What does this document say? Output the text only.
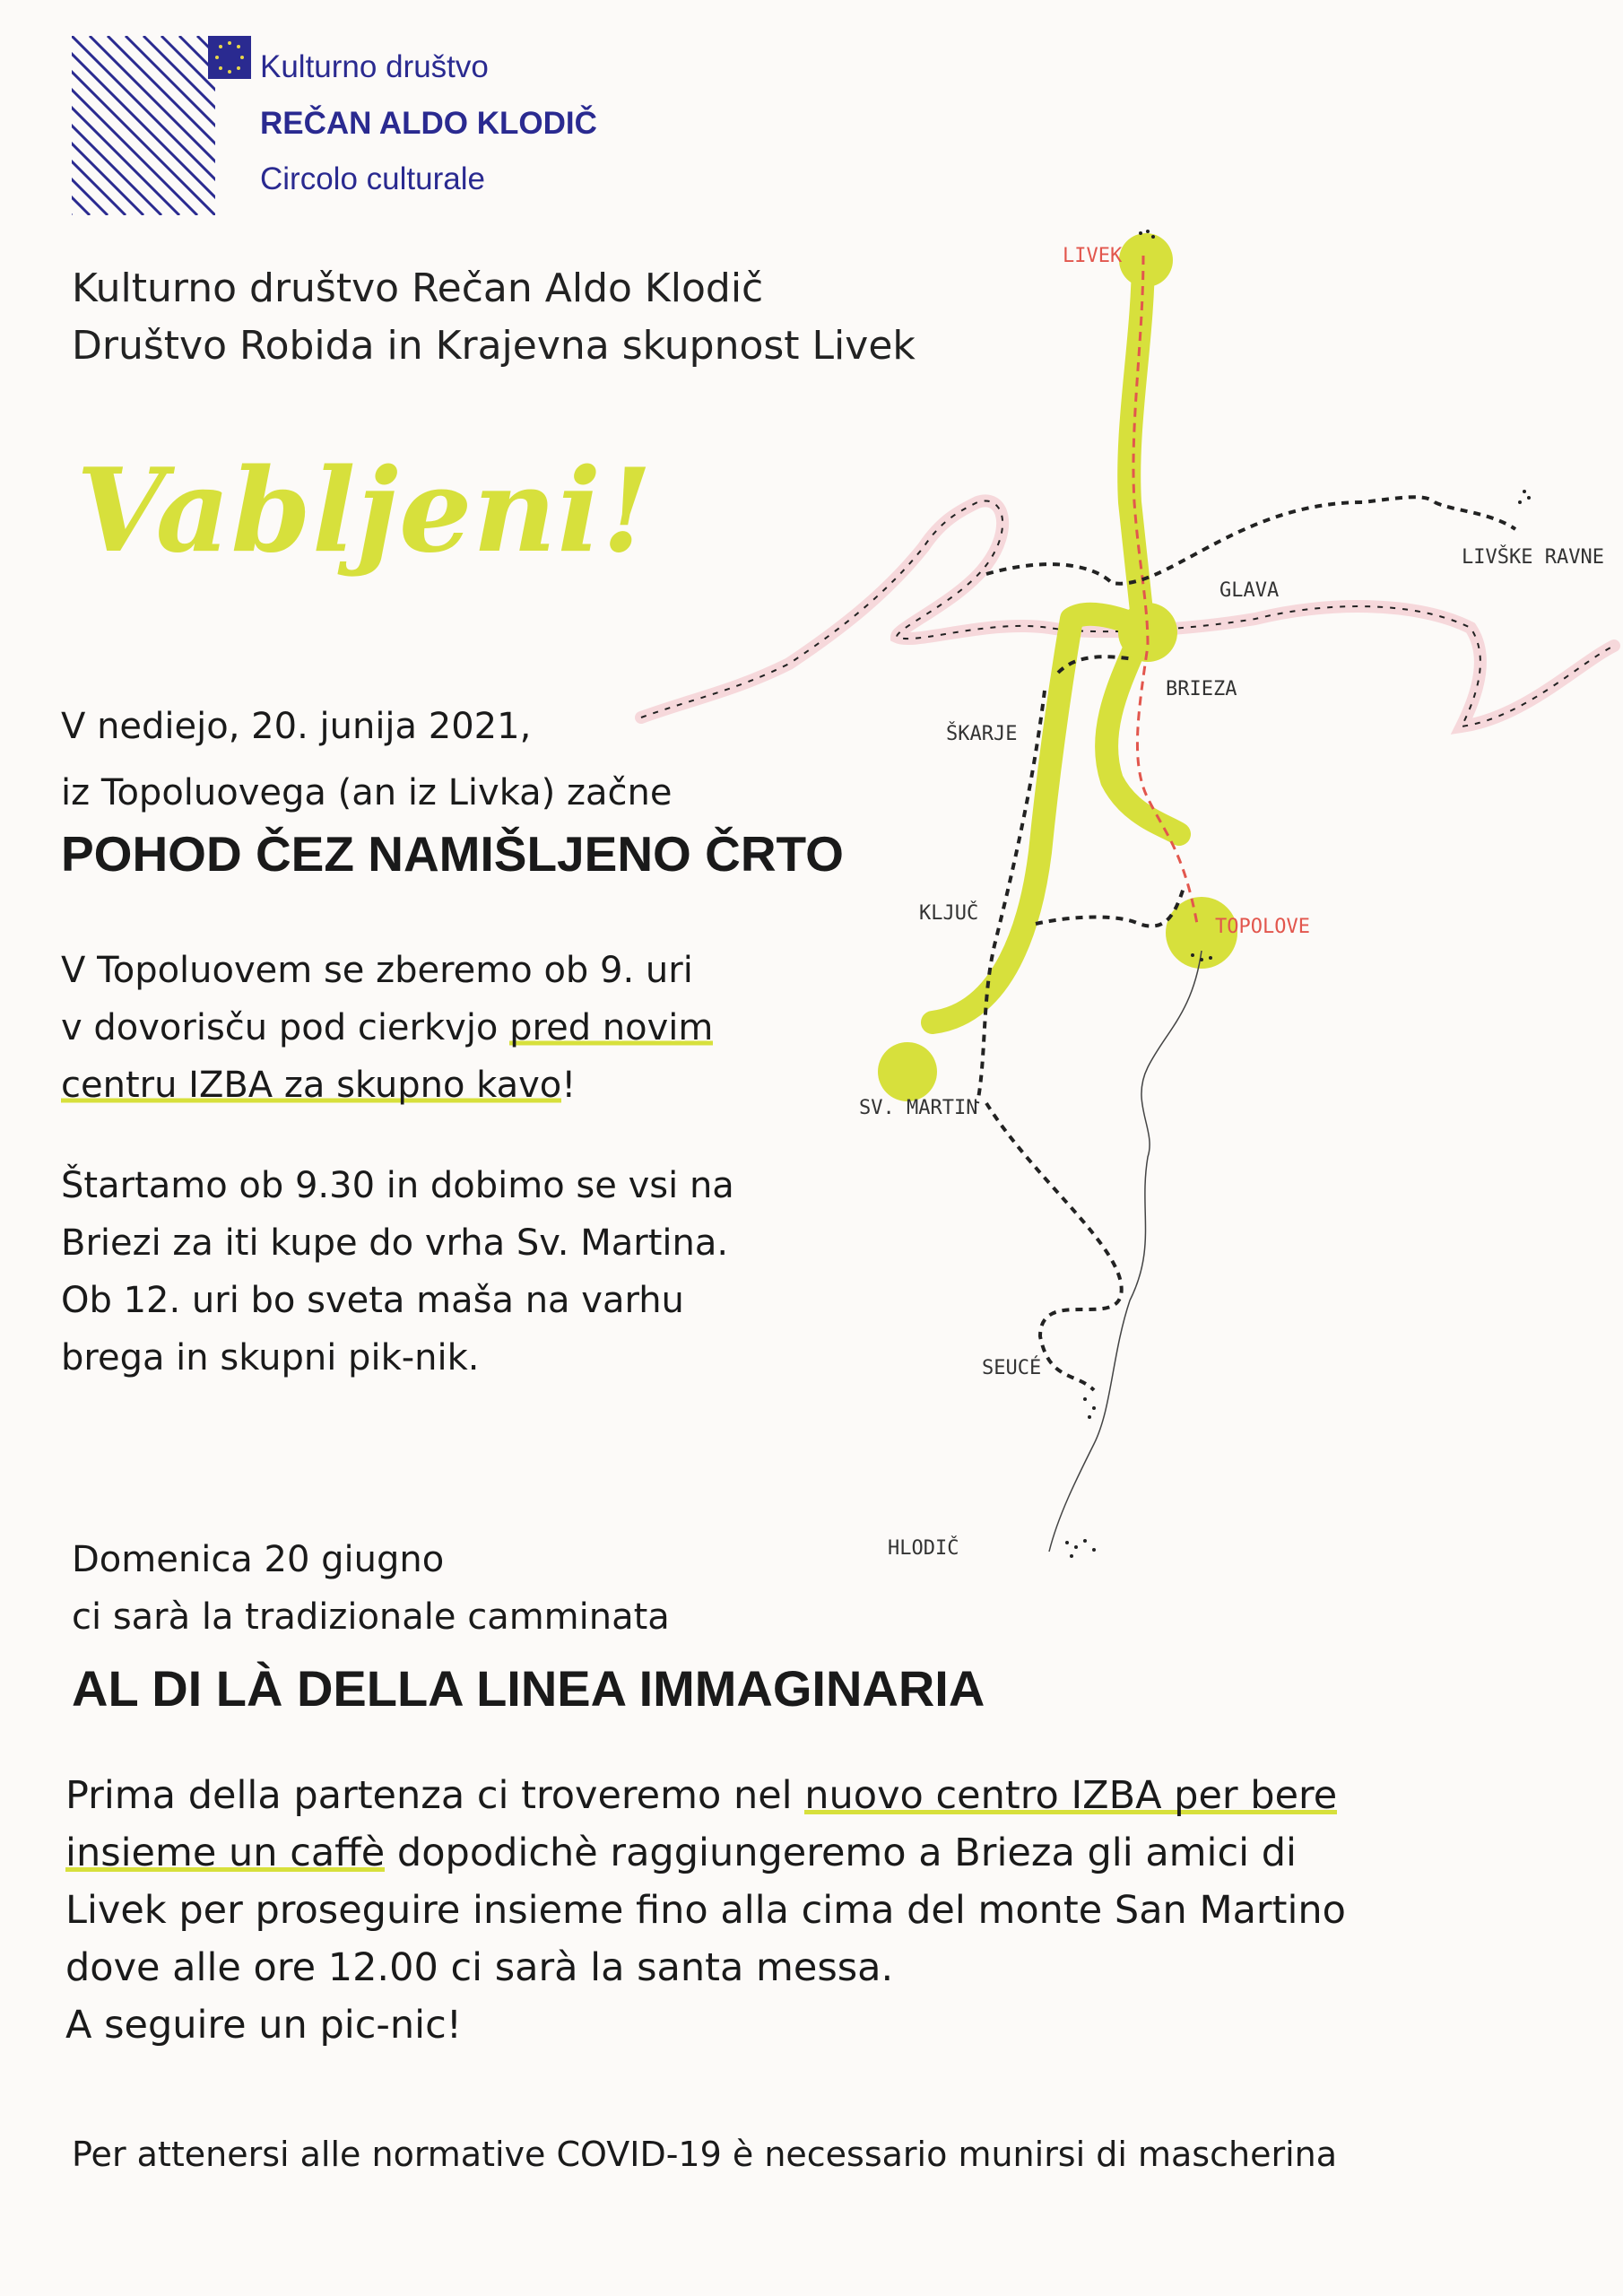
Kulturno društvo
REČAN ALDO KLODIČ
Circolo culturale
Kulturno društvo Rečan Aldo Klodič
Društvo Robida in Krajevna skupnost Livek
Vabljeni!
V nediejo, 20. junija 2021,
iz Topoluovega (an iz Livka) začne
POHOD ČEZ NAMIŠLJENO ČRTO
V Topoluovem se zberemo ob 9. uri
v dovorisču pod cierkvjo pred novim
centru IZBA za skupno kavo!
Štartamo ob 9.30 in dobimo se vsi na
Briezi za iti kupe do vrha Sv. Martina.
Ob 12. uri bo sveta maša na varhu
brega in skupni pik-nik.
LIVEK
LIVŠKE RAVNE
GLAVA
BRIEZA
ŠKARJE
KLJUČ
TOPOLOVE
SV. MARTIN
SEUCÉ
HLODIČ
Domenica 20 giugno
ci sarà la tradizionale camminata
AL DI LÀ DELLA LINEA IMMAGINARIA
Prima della partenza ci troveremo nel nuovo centro IZBA per bere
insieme un caffè dopodichè raggiungeremo a Brieza gli amici di
Livek per proseguire insieme fino alla cima del monte San Martino
dove alle ore 12.00 ci sarà la santa messa.
A seguire un pic-nic!
Per attenersi alle normative COVID-19 è necessario munirsi di mascherina
